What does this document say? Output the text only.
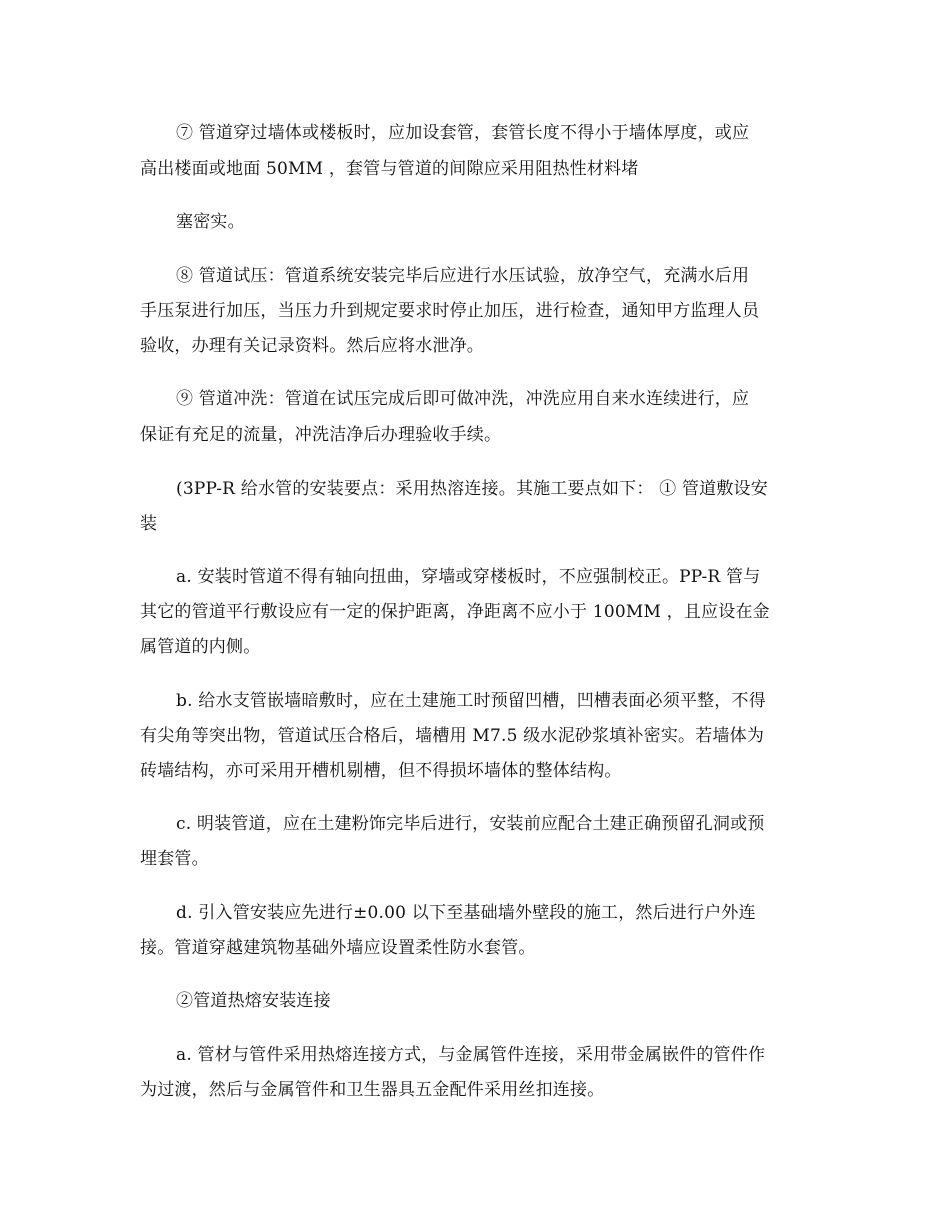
⑦ 管道穿过墙体或楼板时，应加设套管，套管长度不得小于墙体厚度，或应
高出楼面或地面 50MM ，套管与管道的间隙应采用阻热性材料堵
塞密实。
⑧ 管道试压：管道系统安装完毕后应进行水压试验，放净空气，充满水后用
手压泵进行加压，当压力升到规定要求时停止加压，进行检查，通知甲方监理人员
验收，办理有关记录资料。然后应将水泄净。
⑨ 管道冲洗：管道在试压完成后即可做冲洗，冲洗应用自来水连续进行，应
保证有充足的流量，冲洗洁净后办理验收手续。
(3PP-R 给水管的安装要点：采用热溶连接。其施工要点如下： ① 管道敷设安
装
a. 安装时管道不得有轴向扭曲，穿墙或穿楼板时，不应强制校正。PP-R 管与
其它的管道平行敷设应有一定的保护距离，净距离不应小于 100MM ，且应设在金
属管道的内侧。
b. 给水支管嵌墙暗敷时，应在土建施工时预留凹槽，凹槽表面必须平整，不得
有尖角等突出物，管道试压合格后，墙槽用 M7.5 级水泥砂浆填补密实。若墙体为
砖墙结构，亦可采用开槽机剔槽，但不得损坏墙体的整体结构。
c. 明装管道，应在土建粉饰完毕后进行，安装前应配合土建正确预留孔洞或预
埋套管。
d. 引入管安装应先进行±0.00 以下至基础墙外壁段的施工，然后进行户外连
接。管道穿越建筑物基础外墙应设置柔性防水套管。
②管道热熔安装连接
a. 管材与管件采用热熔连接方式，与金属管件连接，采用带金属嵌件的管件作
为过渡，然后与金属管件和卫生器具五金配件采用丝扣连接。
